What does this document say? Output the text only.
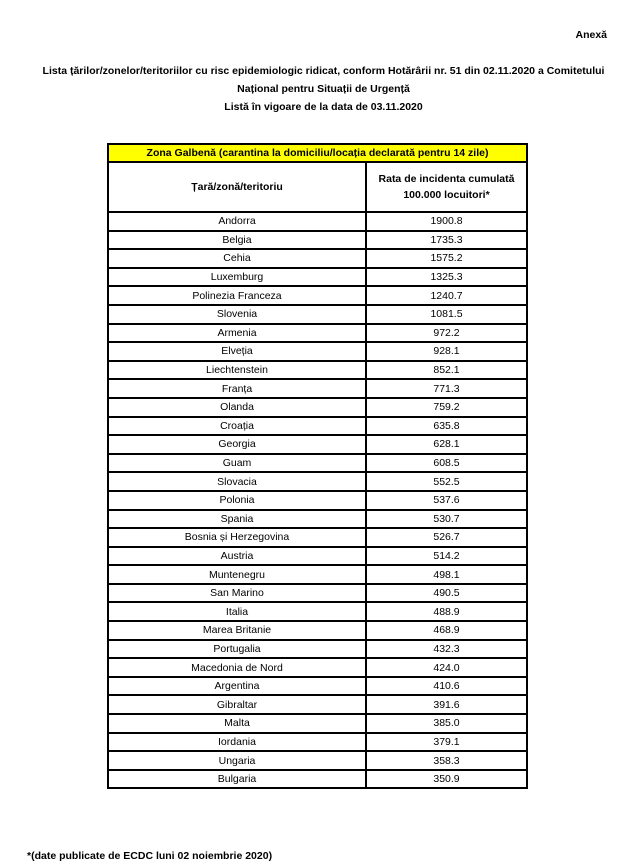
Anexă
Lista țărilor/zonelor/teritoriilor cu risc epidemiologic ridicat, conform Hotărârii nr. 51 din 02.11.2020 a Comitetului
Național pentru Situații de Urgență
Listă în vigoare de la data de 03.11.2020
Zona Galbenă (carantina la domiciliu/locația declarată pentru 14 zile)	
Țară/zonă/teritoriu	Rata de incidenta cumulată 100.000 locuitori*
Andorra	1900.8
Belgia	1735.3
Cehia	1575.2
Luxemburg	1325.3
Polinezia Franceza	1240.7
Slovenia	1081.5
Armenia	972.2
Elveția	928.1
Liechtenstein	852.1
Franța	771.3
Olanda	759.2
Croația	635.8
Georgia	628.1
Guam	608.5
Slovacia	552.5
Polonia	537.6
Spania	530.7
Bosnia și Herzegovina	526.7
Austria	514.2
Muntenegru	498.1
San Marino	490.5
Italia	488.9
Marea Britanie	468.9
Portugalia	432.3
Macedonia de Nord	424.0
Argentina	410.6
Gibraltar	391.6
Malta	385.0
Iordania	379.1
Ungaria	358.3
Bulgaria	350.9
*(date publicate de ECDC luni 02 noiembrie 2020)
